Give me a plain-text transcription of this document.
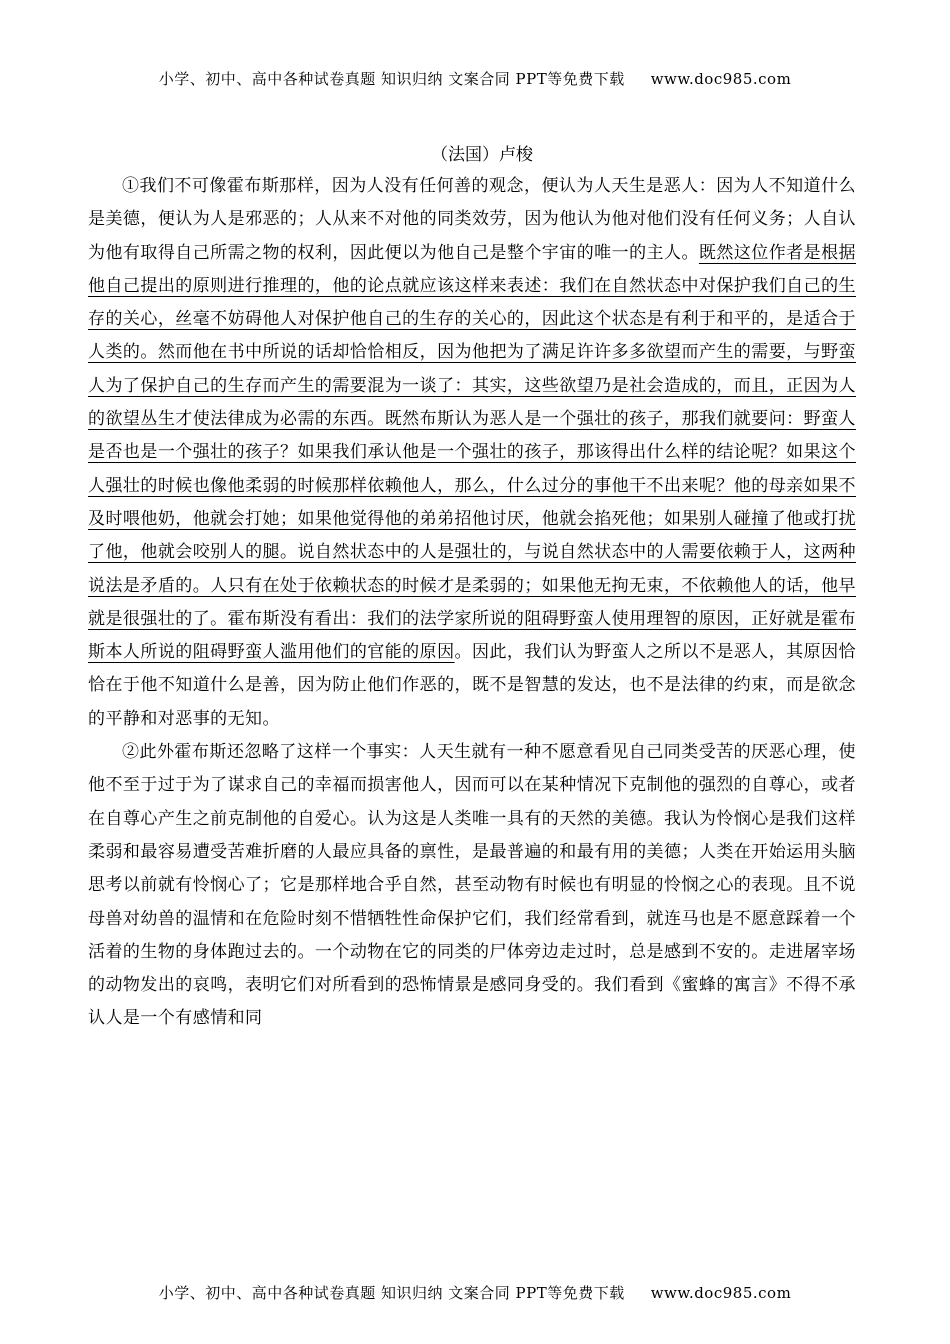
小学、初中、高中各种试卷真题 知识归纳 文案合同 PPT等免费下载 www.doc985.com
（法国）卢梭

①我们不可像霍布斯那样，因为人没有任何善的观念，便认为人天生是恶人：因为人不知道什么是美德，便认为人是邪恶的；人从来不对他的同类效劳，因为他认为他对他们没有任何义务；人自认为他有取得自己所需之物的权利，因此便以为他自己是整个宇宙的唯一的主人。既然这位作者是根据他自己提出的原则进行推理的，他的论点就应该这样来表述：我们在自然状态中对保护我们自己的生存的关心，丝毫不妨碍他人对保护他自己的生存的关心的，因此这个状态是有利于和平的，是适合于人类的。然而他在书中所说的话却恰恰相反，因为他把为了满足许许多多欲望而产生的需要，与野蛮人为了保护自己的生存而产生的需要混为一谈了：其实，这些欲望乃是社会造成的，而且，正因为人的欲望丛生才使法律成为必需的东西。既然布斯认为恶人是一个强壮的孩子，那我们就要问：野蛮人是否也是一个强壮的孩子？如果我们承认他是一个强壮的孩子，那该得出什么样的结论呢？如果这个人强壮的时候也像他柔弱的时候那样依赖他人，那么，什么过分的事他干不出来呢？他的母亲如果不及时喂他奶，他就会打她；如果他觉得他的弟弟招他讨厌，他就会掐死他；如果别人碰撞了他或打扰了他，他就会咬别人的腿。说自然状态中的人是强壮的，与说自然状态中的人需要依赖于人，这两种说法是矛盾的。人只有在处于依赖状态的时候才是柔弱的；如果他无拘无束，不依赖他人的话，他早就是很强壮的了。霍布斯没有看出：我们的法学家所说的阻碍野蛮人使用理智的原因，正好就是霍布斯本人所说的阻碍野蛮人滥用他们的官能的原因。因此，我们认为野蛮人之所以不是恶人，其原因恰恰在于他不知道什么是善，因为防止他们作恶的，既不是智慧的发达，也不是法律的约束，而是欲念的平静和对恶事的无知。

②此外霍布斯还忽略了这样一个事实：人天生就有一种不愿意看见自己同类受苦的厌恶心理，使他不至于过于为了谋求自己的幸福而损害他人，因而可以在某种情况下克制他的强烈的自尊心，或者在自尊心产生之前克制他的自爱心。认为这是人类唯一具有的天然的美德。我认为怜悯心是我们这样柔弱和最容易遭受苦难折磨的人最应具备的禀性，是最普遍的和最有用的美德；人类在开始运用头脑思考以前就有怜悯心了；它是那样地合乎自然，甚至动物有时候也有明显的怜悯之心的表现。且不说母兽对幼兽的温情和在危险时刻不惜牺牲性命保护它们，我们经常看到，就连马也是不愿意踩着一个活着的生物的身体跑过去的。一个动物在它的同类的尸体旁边走过时，总是感到不安的。走进屠宰场的动物发出的哀鸣，表明它们对所看到的恐怖情景是感同身受的。我们看到《蜜蜂的寓言》不得不承认人是一个有感情和同

小学、初中、高中各种试卷真题 知识归纳 文案合同 PPT等免费下载 www.doc985.com
